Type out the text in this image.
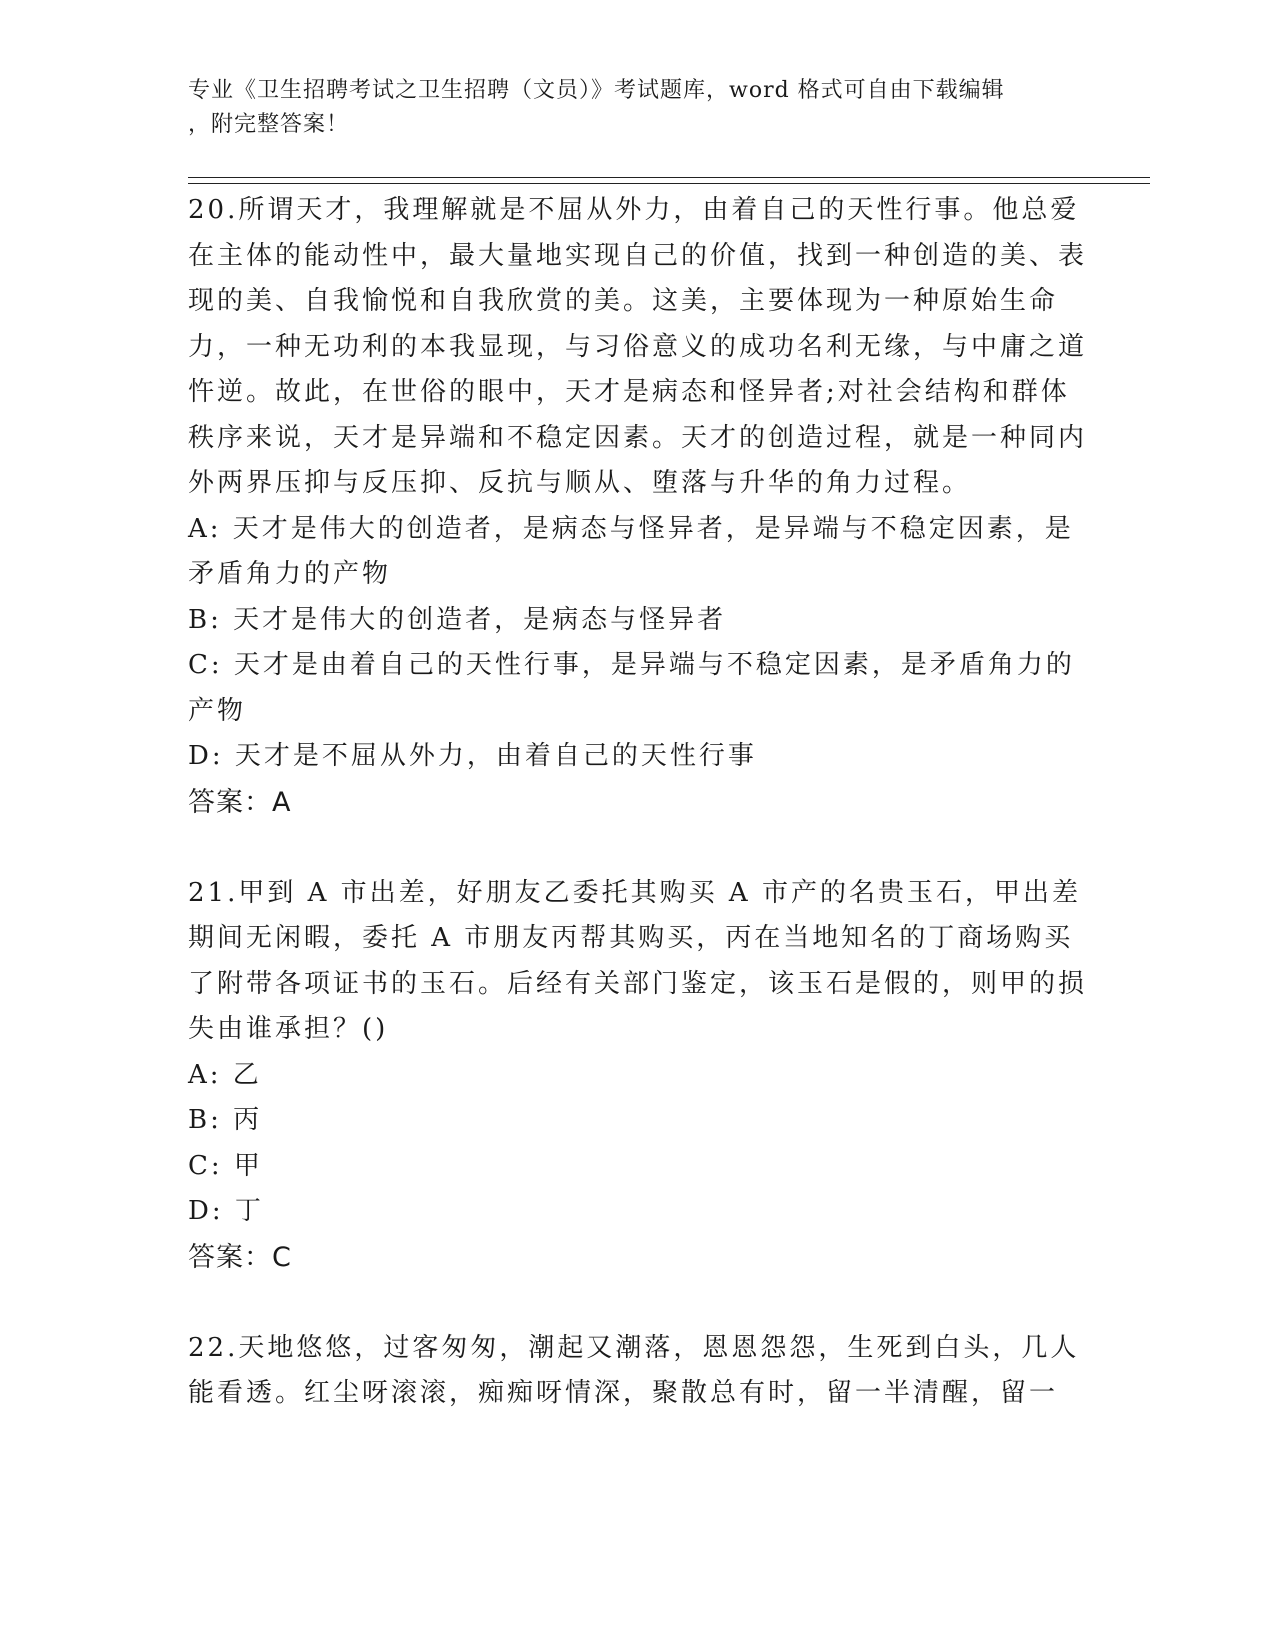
专业《卫生招聘考试之卫生招聘（文员）》考试题库，word 格式可自由下载编辑
，附完整答案！

20.所谓天才，我理解就是不屈从外力，由着自己的天性行事。他总爱在主体的能动性中，最大量地实现自己的价值，找到一种创造的美、表现的美、自我愉悦和自我欣赏的美。这美，主要体现为一种原始生命力，一种无功利的本我显现，与习俗意义的成功名利无缘，与中庸之道忤逆。故此，在世俗的眼中，天才是病态和怪异者;对社会结构和群体秩序来说，天才是异端和不稳定因素。天才的创造过程，就是一种同内外两界压抑与反压抑、反抗与顺从、堕落与升华的角力过程。

A: 天才是伟大的创造者，是病态与怪异者，是异端与不稳定因素，是矛盾角力的产物

B: 天才是伟大的创造者，是病态与怪异者

C: 天才是由着自己的天性行事，是异端与不稳定因素，是矛盾角力的产物

D: 天才是不屈从外力，由着自己的天性行事

答案：A

21.甲到 A 市出差，好朋友乙委托其购买 A 市产的名贵玉石，甲出差期间无闲暇，委托 A 市朋友丙帮其购买，丙在当地知名的丁商场购买了附带各项证书的玉石。后经有关部门鉴定，该玉石是假的，则甲的损失由谁承担？()

A: 乙

B: 丙

C: 甲

D: 丁

答案：C

22.天地悠悠，过客匆匆，潮起又潮落，恩恩怨怨，生死到白头，几人能看透。红尘呀滚滚，痴痴呀情深，聚散总有时，留一半清醒，留一
